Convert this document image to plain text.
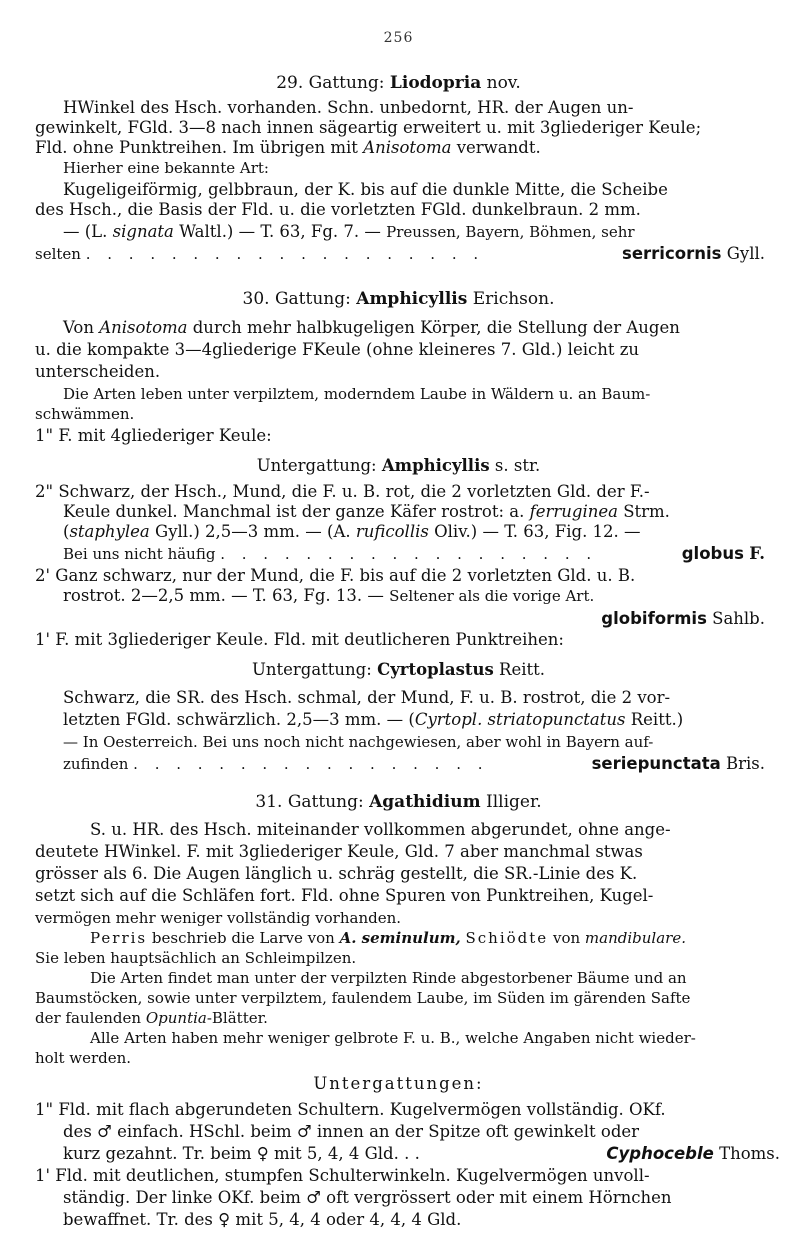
256
29. Gattung: Liodopria nov.
HWinkel des Hsch. vorhanden. Schn. unbedornt, HR. der Augen un-
gewinkelt, FGld. 3—8 nach innen sägeartig erweitert u. mit 3gliederiger Keule;
Fld. ohne Punktreihen. Im übrigen mit Anisotoma verwandt.
Hierher eine bekannte Art:
Kugeligeiförmig, gelbbraun, der K. bis auf die dunkle Mitte, die Scheibe
des Hsch., die Basis der Fld. u. die vorletzten FGld. dunkelbraun. 2 mm.
— (L. signata Waltl.) — T. 63, Fg. 7. — Preussen, Bayern, Böhmen, sehr
selten . . . . . . . . . . . . . . . . . . .	serricornis Gyll.
30. Gattung: Amphicyllis Erichson.
Von Anisotoma durch mehr halbkugeligen Körper, die Stellung der Augen
u. die kompakte 3—4gliederige FKeule (ohne kleineres 7. Gld.) leicht zu
unterscheiden.
Die Arten leben unter verpilztem, moderndem Laube in Wäldern u. an Baum-
schwämmen.
1" F. mit 4gliederiger Keule:
Untergattung: Amphicyllis s. str.
2" Schwarz, der Hsch., Mund, die F. u. B. rot, die 2 vorletzten Gld. der F.-
Keule dunkel. Manchmal ist der ganze Käfer rostrot: a. ferruginea Strm.
(staphylea Gyll.) 2,5—3 mm. — (A. ruficollis Oliv.) — T. 63, Fig. 12. —
Bei uns nicht häufig . . . . . . . . . . . . . . . . . .	globus F.
2' Ganz schwarz, nur der Mund, die F. bis auf die 2 vorletzten Gld. u. B.
rostrot. 2—2,5 mm. — T. 63, Fg. 13. — Seltener als die vorige Art.
globiformis Sahlb.
1' F. mit 3gliederiger Keule. Fld. mit deutlicheren Punktreihen:
Untergattung: Cyrtoplastus Reitt.
Schwarz, die SR. des Hsch. schmal, der Mund, F. u. B. rostrot, die 2 vor-
letzten FGld. schwärzlich. 2,5—3 mm. — (Cyrtopl. striatopunctatus Reitt.)
— In Oesterreich. Bei uns noch nicht nachgewiesen, aber wohl in Bayern auf-
zufinden . . . . . . . . . . . . . . . . .	seriepunctata Bris.
31. Gattung: Agathidium Illiger.
S. u. HR. des Hsch. miteinander vollkommen abgerundet, ohne ange-
deutete HWinkel. F. mit 3gliederiger Keule, Gld. 7 aber manchmal stwas
grösser als 6. Die Augen länglich u. schräg gestellt, die SR.-Linie des K.
setzt sich auf die Schläfen fort. Fld. ohne Spuren von Punktreihen, Kugel-
vermögen mehr weniger vollständig vorhanden.
Perris beschrieb die Larve von A. seminulum, Schiödte von mandibulare.
Sie leben hauptsächlich an Schleimpilzen.
Die Arten findet man unter der verpilzten Rinde abgestorbener Bäume und an
Baumstöcken, sowie unter verpilztem, faulendem Laube, im Süden im gärenden Safte
der faulenden Opuntia-Blätter.
Alle Arten haben mehr weniger gelbrote F. u. B., welche Angaben nicht wieder-
holt werden.
Untergattungen:
1" Fld. mit flach abgerundeten Schultern. Kugelvermögen vollständig. OKf.
des ♂ einfach. HSchl. beim ♂ innen an der Spitze oft gewinkelt oder
kurz gezahnt. Tr. beim ♀ mit 5, 4, 4 Gld. . .	Cyphoceble Thoms.
1' Fld. mit deutlichen, stumpfen Schulterwinkeln. Kugelvermögen unvoll-
ständig. Der linke OKf. beim ♂ oft vergrössert oder mit einem Hörnchen
bewaffnet. Tr. des ♀ mit 5, 4, 4 oder 4, 4, 4 Gld.
